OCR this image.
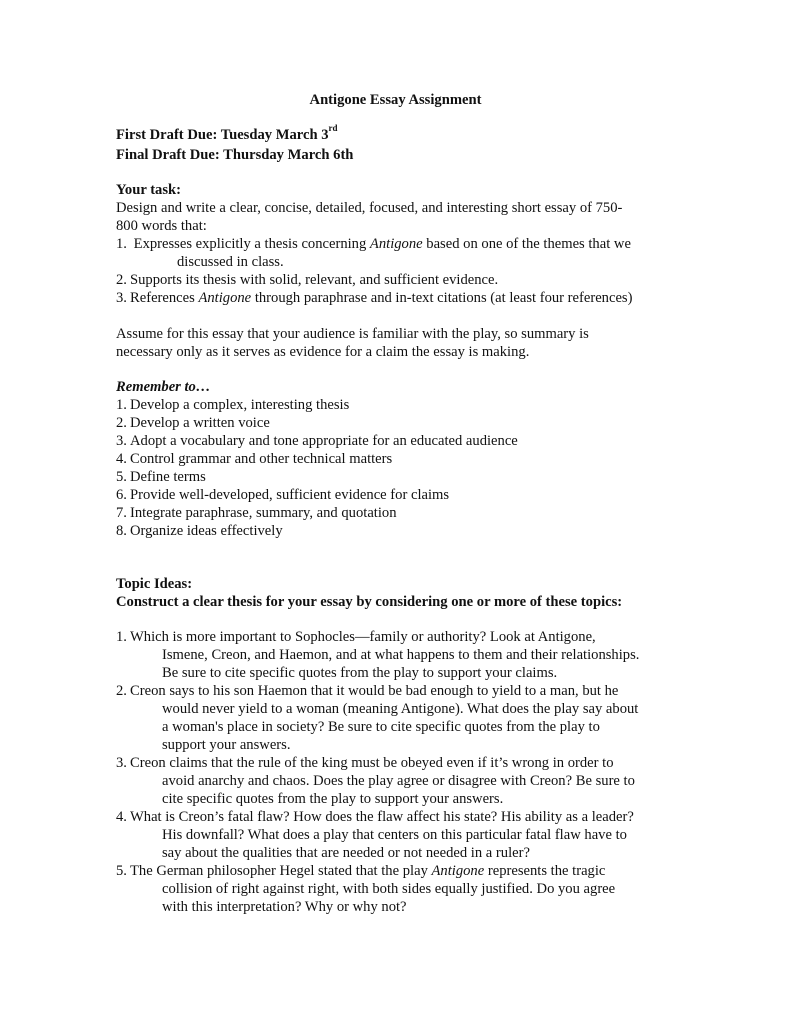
Antigone Essay Assignment
First Draft Due: Tuesday March 3rd
Final Draft Due: Thursday March 6th
Your task:
Design and write a clear, concise, detailed, focused, and interesting short essay of 750-
800 words that:
1. Expresses explicitly a thesis concerning Antigone based on one of the themes that we
discussed in class.
2. Supports its thesis with solid, relevant, and sufficient evidence.
3. References Antigone through paraphrase and in-text citations (at least four references)
Assume for this essay that your audience is familiar with the play, so summary is
necessary only as it serves as evidence for a claim the essay is making.
Remember to…
1. Develop a complex, interesting thesis
2. Develop a written voice
3. Adopt a vocabulary and tone appropriate for an educated audience
4. Control grammar and other technical matters
5. Define terms
6. Provide well-developed, sufficient evidence for claims
7. Integrate paraphrase, summary, and quotation
8. Organize ideas effectively
Topic Ideas:
Construct a clear thesis for your essay by considering one or more of these topics:
1. Which is more important to Sophocles—family or authority? Look at Antigone,
Ismene, Creon, and Haemon, and at what happens to them and their relationships.
Be sure to cite specific quotes from the play to support your claims.
2. Creon says to his son Haemon that it would be bad enough to yield to a man, but he
would never yield to a woman (meaning Antigone). What does the play say about
a woman's place in society? Be sure to cite specific quotes from the play to
support your answers.
3. Creon claims that the rule of the king must be obeyed even if it’s wrong in order to
avoid anarchy and chaos. Does the play agree or disagree with Creon? Be sure to
cite specific quotes from the play to support your answers.
4. What is Creon’s fatal flaw? How does the flaw affect his state? His ability as a leader?
His downfall? What does a play that centers on this particular fatal flaw have to
say about the qualities that are needed or not needed in a ruler?
5. The German philosopher Hegel stated that the play Antigone represents the tragic
collision of right against right, with both sides equally justified. Do you agree
with this interpretation? Why or why not?
